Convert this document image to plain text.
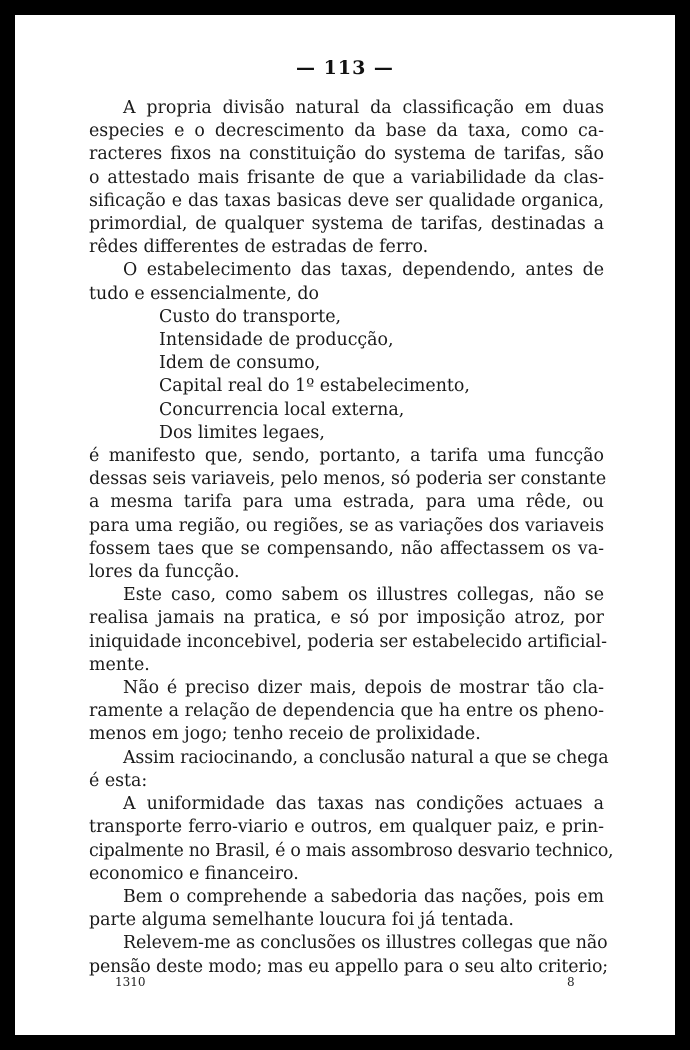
— 113 —
A propria divisão natural da classificação em duas
especies e o decrescimento da base da taxa, como ca-
racteres fixos na constituição do systema de tarifas, são
o attestado mais frisante de que a variabilidade da clas-
sificação e das taxas basicas deve ser qualidade organica,
primordial, de qualquer systema de tarifas, destinadas a
rêdes differentes de estradas de ferro.
O estabelecimento das taxas, dependendo, antes de
tudo e essencialmente, do
Custo do transporte,
Intensidade de producção,
Idem de consumo,
Capital real do 1º estabelecimento,
Concurrencia local externa,
Dos limites legaes,
é manifesto que, sendo, portanto, a tarifa uma funcção
dessas seis variaveis, pelo menos, só poderia ser constante
a mesma tarifa para uma estrada, para uma rêde, ou
para uma região, ou regiões, se as variações dos variaveis
fossem taes que se compensando, não affectassem os va-
lores da funcção.
Este caso, como sabem os illustres collegas, não se
realisa jamais na pratica, e só por imposição atroz, por
iniquidade inconcebivel, poderia ser estabelecido artificial-
mente.
Não é preciso dizer mais, depois de mostrar tão cla-
ramente a relação de dependencia que ha entre os pheno-
menos em jogo; tenho receio de prolixidade.
Assim raciocinando, a conclusão natural a que se chega
é esta:
A uniformidade das taxas nas condições actuaes a
transporte ferro-viario e outros, em qualquer paiz, e prin-
cipalmente no Brasil, é o mais assombroso desvario technico,
economico e financeiro.
Bem o comprehende a sabedoria das nações, pois em
parte alguma semelhante loucura foi já tentada.
Relevem-me as conclusões os illustres collegas que não
pensão deste modo; mas eu appello para o seu alto criterio;
1310	8
